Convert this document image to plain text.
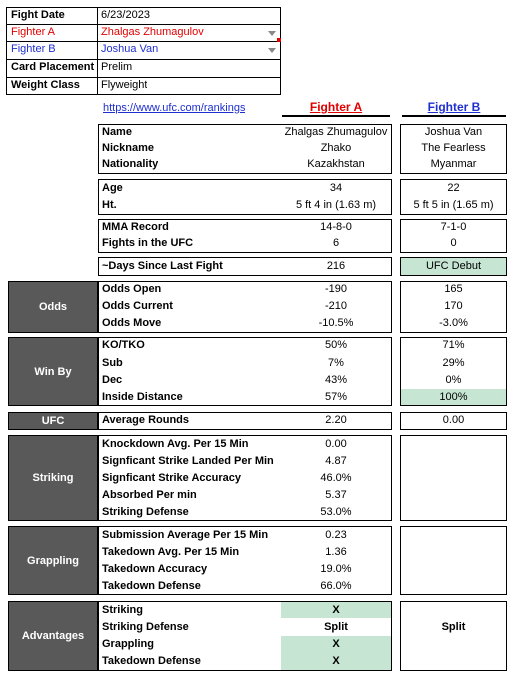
Fight Date	6/23/2023
Fighter A	Zhalgas Zhumagulov
Fighter B	Joshua Van
Card Placement Prelim
Weight Class Flyweight
https://www.ufc.com/rankings	Fighter A	Fighter B
Name	Zhalgas Zhumagulov	Joshua Van
Nickname	Zhako	The Fearless
Nationality	Kazakhstan	Myanmar
Age	34	22
Ht.	5 ft 4 in (1.63 m)	5 ft 5 in (1.65 m)
MMA Record	14-8-0	7-1-0
Fights in the UFC	6	0
~Days Since Last Fight	216	UFC Debut
Odds
Odds Open	-190	165
Odds Current	-210	170
Odds Move	-10.5%	-3.0%
Win By
KO/TKO	50%	71%
Sub	7%	29%
Dec	43%	0%
Inside Distance	57%	100%
UFC	Average Rounds	2.20	0.00
Striking
Knockdown Avg. Per 15 Min	0.00
Signficant Strike Landed Per Min	4.87
Signficant Strike Accuracy	46.0%
Absorbed Per min	5.37
Striking Defense	53.0%
Grappling
Submission Average Per 15 Min	0.23
Takedown Avg. Per 15 Min	1.36
Takedown Accuracy	19.0%
Takedown Defense	66.0%
Advantages
Striking	X
Striking Defense	Split
Grappling	X
Takedown Defense	X
Split
